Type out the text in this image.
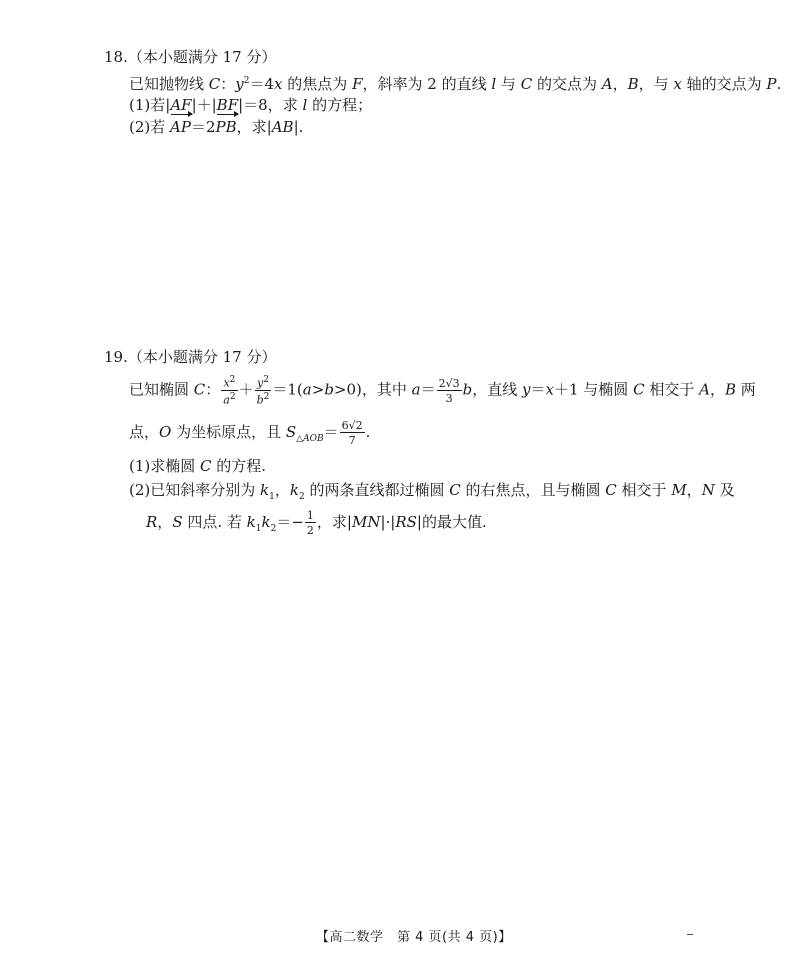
18.（本小题满分 17 分）
已知抛物线 C：$y^2=4x$ 的焦点为 F，斜率为 2 的直线 l 与 C 的交点为 A，B，与 x 轴的交点为 P.
(1)若|AF|＋|BF|＝8，求 l 的方程；
(2)若 AP＝2PB，求|AB|.
19.（本小题满分 17 分）
已知椭圆 C： $\frac{x^2}{a^2} + \frac{y^2}{b^2} =1(a>b>0)$，其中 $a= \frac{2√3}{3}$ b，直线 y＝x＋1 与椭圆 C 相交于 A，B 两
点，O 为坐标原点，且 $S_{\triangle AOB}= \frac{6√2}{7}$ .
(1)求椭圆 C 的方程.
(2)已知斜率分别为 $k_1$，$k_2$ 的两条直线都过椭圆 C 的右焦点，且与椭圆 C 相交于 M，N 及
R，S 四点. 若 $k_1k_2=- \frac{1}{2}$ ，求|MN|·|RS|的最大值.
【高二数学　第 4 页(共 4 页)】
